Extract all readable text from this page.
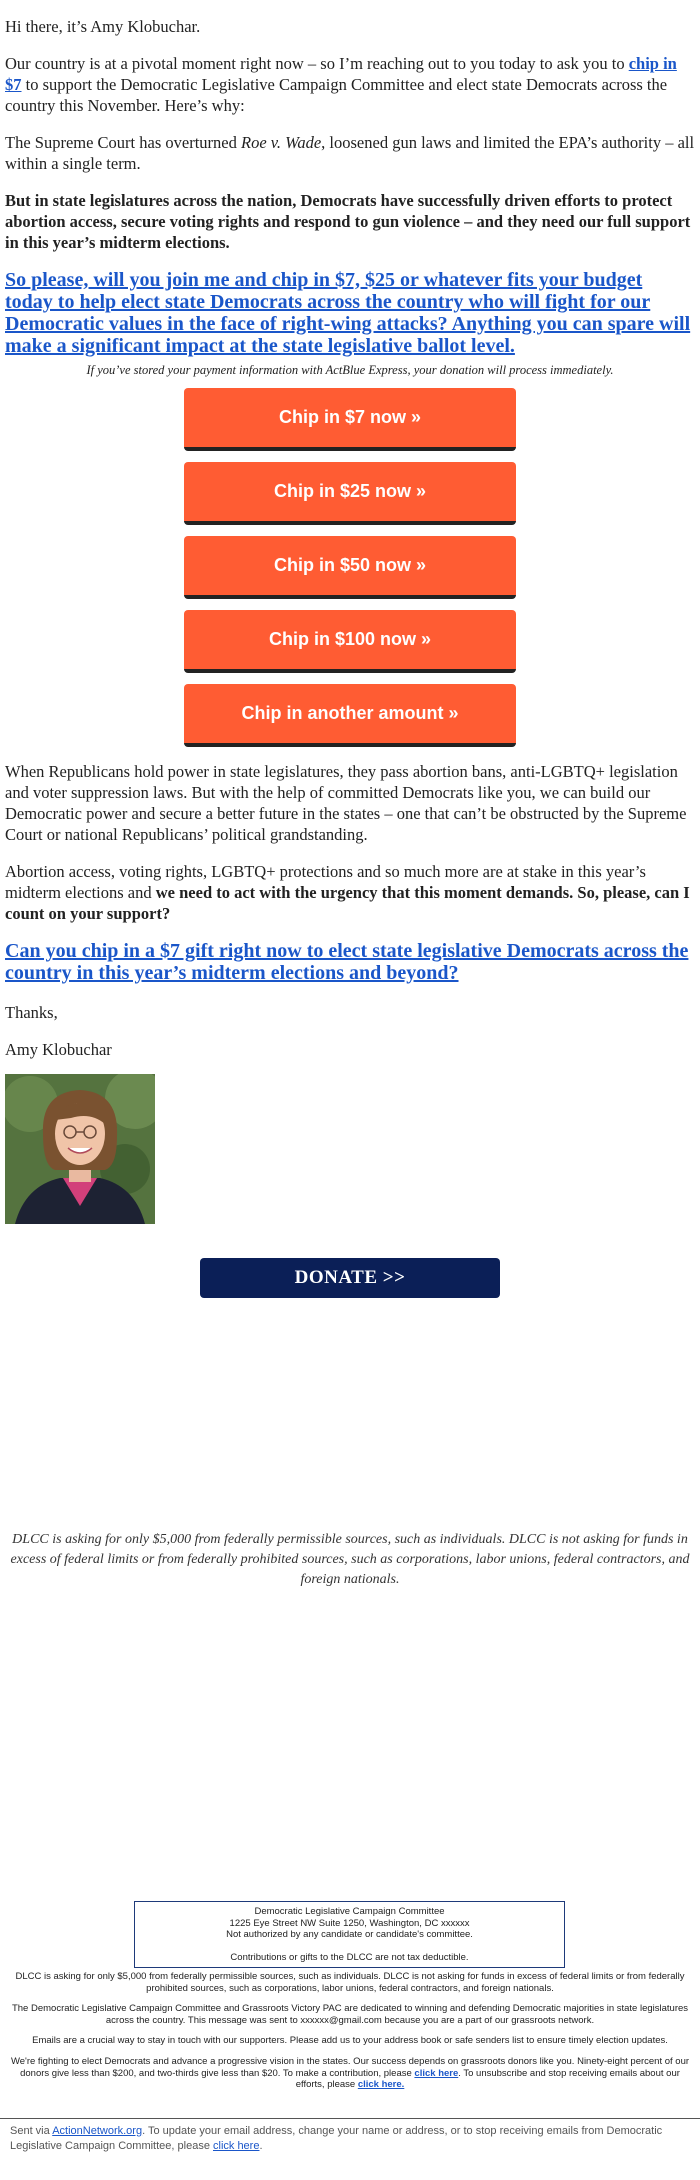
Hi there, it’s Amy Klobuchar.

Our country is at a pivotal moment right now – so I’m reaching out to you today to ask you to chip in $7 to support the Democratic Legislative Campaign Committee and elect state Democrats across the country this November. Here’s why:

The Supreme Court has overturned Roe v. Wade, loosened gun laws and limited the EPA’s authority – all within a single term.

But in state legislatures across the nation, Democrats have successfully driven efforts to protect abortion access, secure voting rights and respond to gun violence – and they need our full support in this year’s midterm elections.

So please, will you join me and chip in $7, $25 or whatever fits your budget today to help elect state Democrats across the country who will fight for our Democratic values in the face of right-wing attacks? Anything you can spare will make a significant impact at the state legislative ballot level.

If you’ve stored your payment information with ActBlue Express, your donation will process immediately.

Chip in $7 now »
Chip in $25 now »
Chip in $50 now »
Chip in $100 now »
Chip in another amount »

When Republicans hold power in state legislatures, they pass abortion bans, anti-LGBTQ+ legislation and voter suppression laws. But with the help of committed Democrats like you, we can build our Democratic power and secure a better future in the states – one that can’t be obstructed by the Supreme Court or national Republicans’ political grandstanding.

Abortion access, voting rights, LGBTQ+ protections and so much more are at stake in this year’s midterm elections and we need to act with the urgency that this moment demands. So, please, can I count on your support?

Can you chip in a $7 gift right now to elect state legislative Democrats across the country in this year’s midterm elections and beyond?

Thanks,

Amy Klobuchar

DONATE >>

DLCC is asking for only $5,000 from federally permissible sources, such as individuals. DLCC is not asking for funds in excess of federal limits or from federally prohibited sources, such as corporations, labor unions, federal contractors, and foreign nationals.

Democratic Legislative Campaign Committee
1225 Eye Street NW Suite 1250, Washington, DC xxxxxx
Not authorized by any candidate or candidate's committee.
Contributions or gifts to the DLCC are not tax deductible.

DLCC is asking for only $5,000 from federally permissible sources, such as individuals. DLCC is not asking for funds in excess of federal limits or from federally prohibited sources, such as corporations, labor unions, federal contractors, and foreign nationals.

The Democratic Legislative Campaign Committee and Grassroots Victory PAC are dedicated to winning and defending Democratic majorities in state legislatures across the country. This message was sent to xxxxxx@gmail.com because you are a part of our grassroots network.

Emails are a crucial way to stay in touch with our supporters. Please add us to your address book or safe senders list to ensure timely election updates.

We're fighting to elect Democrats and advance a progressive vision in the states. Our success depends on grassroots donors like you. Ninety-eight percent of our donors give less than $200, and two-thirds give less than $20. To make a contribution, please click here. To unsubscribe and stop receiving emails about our efforts, please click here.

Sent via ActionNetwork.org. To update your email address, change your name or address, or to stop receiving emails from Democratic Legislative Campaign Committee, please click here.
